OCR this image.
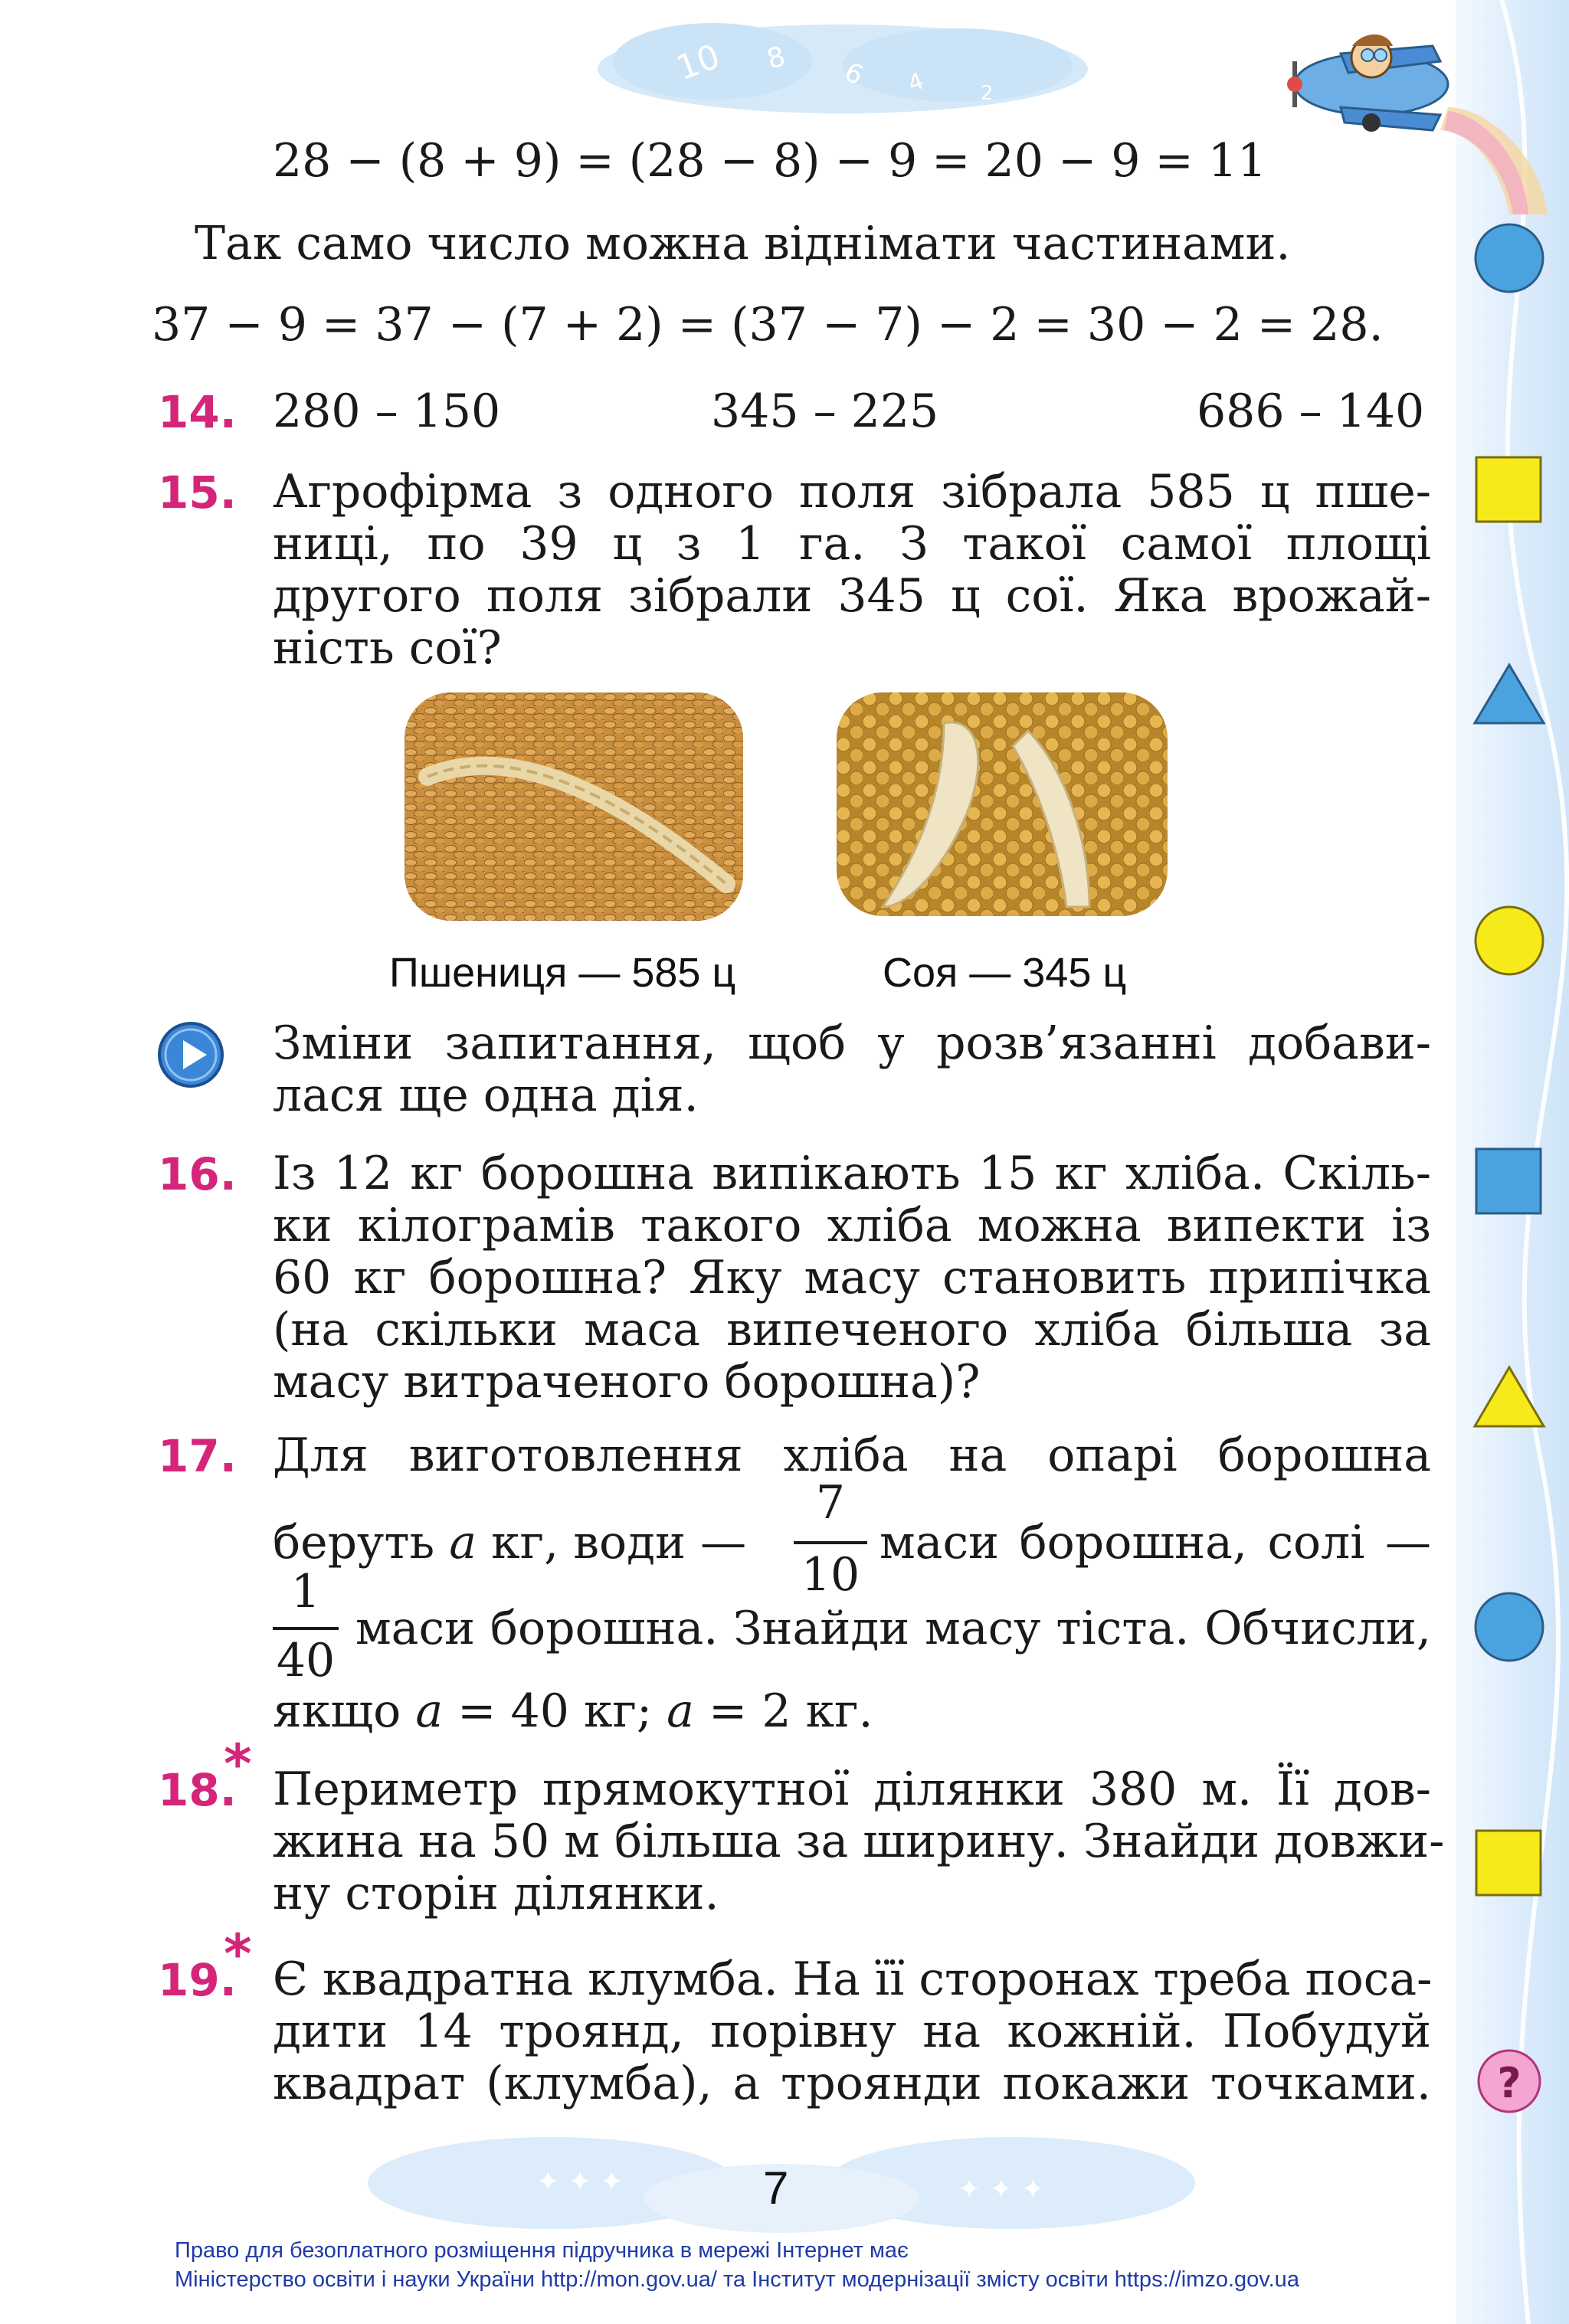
?
10 8 6 4	2
28 − (8 + 9) = (28 − 8) − 9 = 20 − 9 = 11
Так само число можна віднімати частинами.
37 − 9 = 37 − (7 + 2) = (37 − 7) − 2 = 30 − 2 = 28.
14. 280 – 150	345 – 225	686 – 140
15. Агрофірма з одного поля зібрала 585 ц пше-
ниці, по 39 ц з 1 га. З такої самої площі
другого поля зібрали 345 ц сої. Яка врожай-
ність сої?
Пшениця — 585 ц	Соя — 345 ц
Зміни запитання, щоб у розв’язанні добави-
лася ще одна дія.
16. Із 12 кг борошна випікають 15 кг хліба. Скіль-
ки кілограмів такого хліба можна випекти із
60 кг борошна? Яку масу становить припічка
(на скільки маса випеченого хліба більша за
масу витраченого борошна)?
17. Для виготовлення хліба на опарі борошна
беруть a кг, води —
7
10
маси борошна, солі —
1
40
маси борошна. Знайди масу тіста. Обчисли,
якщо a = 40 кг; a = 2 кг.
18.
* Периметр прямокутної ділянки 380 м. Її дов-
жина на 50 м більша за ширину. Знайди довжи-
ну сторін ділянки.
19.
* Є квадратна клумба. На її сторонах треба поса-
дити 14 троянд, порівну на кожній. Побудуй
квадрат (клумба), а троянди покажи точками.
✦ ✦ ✦	✦ ✦ ✦
7
Право для безоплатного розміщення підручника в мережі Інтернет має
Міністерство освіти і науки України http://mon.gov.ua/ та Інститут модернізації змісту освіти https://imzo.gov.ua
